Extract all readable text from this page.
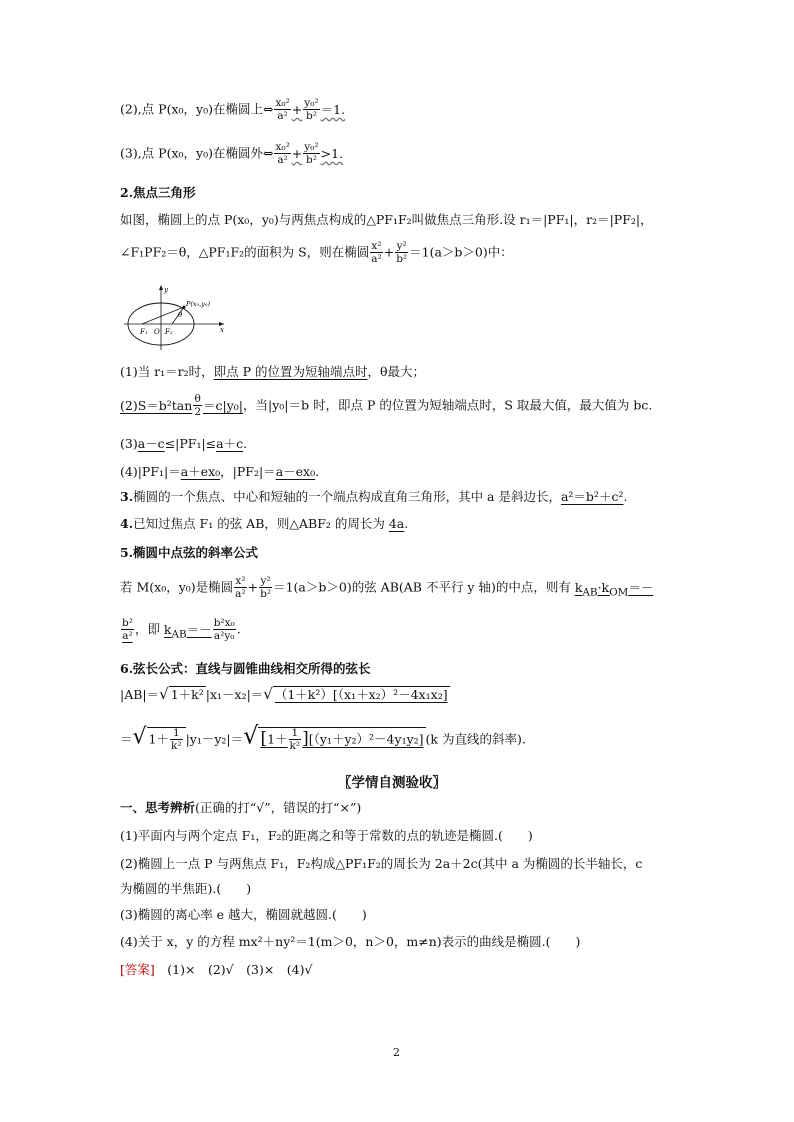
(2),点 P(x₀，y₀)在椭圆上⇔ $\frac{\text{x₀²}}{\text{a²}} + \frac{\text{y₀²}}{\text{b²}} =1$.
(3),点 P(x₀，y₀)在椭圆外⇔ $\frac{\text{x₀²}}{\text{a²}} + \frac{\text{y₀²}}{\text{b²}} >1$.
2.焦点三角形
如图，椭圆上的点 P(x₀，y₀)与两焦点构成的△PF₁F₂叫做焦点三角形.设 r₁＝|PF₁|，r₂＝|PF₂|，
∠F₁PF₂＝θ，△PF₁F₂的面积为 S，则在椭圆 $\frac{\text{x²}}{\text{a²}} + \frac{\text{y²}}{\text{b²}} =1(a>b>0)$中：
y
x
P(x₀,y₀)
θ
F₁ O F₂
(1)当 r₁＝r₂时，即点 P 的位置为短轴端点时，θ最大；
$(2)S=b^2\tan \frac{\theta}{2} =c|y_0|$，当|y₀|＝b 时，即点 P 的位置为短轴端点时，S 取最大值，最大值为 bc.
(3)a－c≤|PF₁|≤a＋c.
(4)|PF₁|＝a＋ex₀，|PF₂|＝a－ex₀.
3.椭圆的一个焦点、中心和短轴的一个端点构成直角三角形，其中 a 是斜边长，a²＝b²＋c².
4.已知过焦点 F₁ 的弦 AB，则△ABF₂ 的周长为 4a.
5.椭圆中点弦的斜率公式
若 M(x₀，y₀)是椭圆 $\frac{\text{x²}}{\text{a²}} + \frac{\text{y²}}{\text{b²}} =1(a>b>0)$的弦 AB(AB 不平行 y 轴)的中点，则有 $k_{AB}\cdot k_{OM}=-$
$\frac{\text{b²}}{\text{a²}}$ ，即 $k_{AB}=- \frac{\text{b²x₀}}{\text{a²y₀}}$ .
6.弦长公式：直线与圆锥曲线相交所得的弦长
|AB|＝√ 1＋k² |x₁－x₂|＝√ （1＋k²）[（x₁＋x₂）²－4x₁x₂]
＝√ $1+ \frac{1}{\text{k²}} |y_1-y_2|=√$ $[1+ \frac{1}{\text{k²}} ][(y_1+y_2)^2-4y_1y_2]$ (k 为直线的斜率).
〖学情自测验收〗
一、思考辨析(正确的打“√”，错误的打“×”)
(1)平面内与两个定点 F₁，F₂的距离之和等于常数的点的轨迹是椭圆.(　　)
(2)椭圆上一点 P 与两焦点 F₁，F₂构成△PF₁F₂的周长为 2a＋2c(其中 a 为椭圆的长半轴长，c
为椭圆的半焦距).(　　)
(3)椭圆的离心率 e 越大，椭圆就越圆.(　　)
(4)关于 x，y 的方程 mx²＋ny²＝1(m＞0，n＞0，m≠n)表示的曲线是椭圆.(　　)
[答案]　(1)×　(2)√　(3)×　(4)√
2
